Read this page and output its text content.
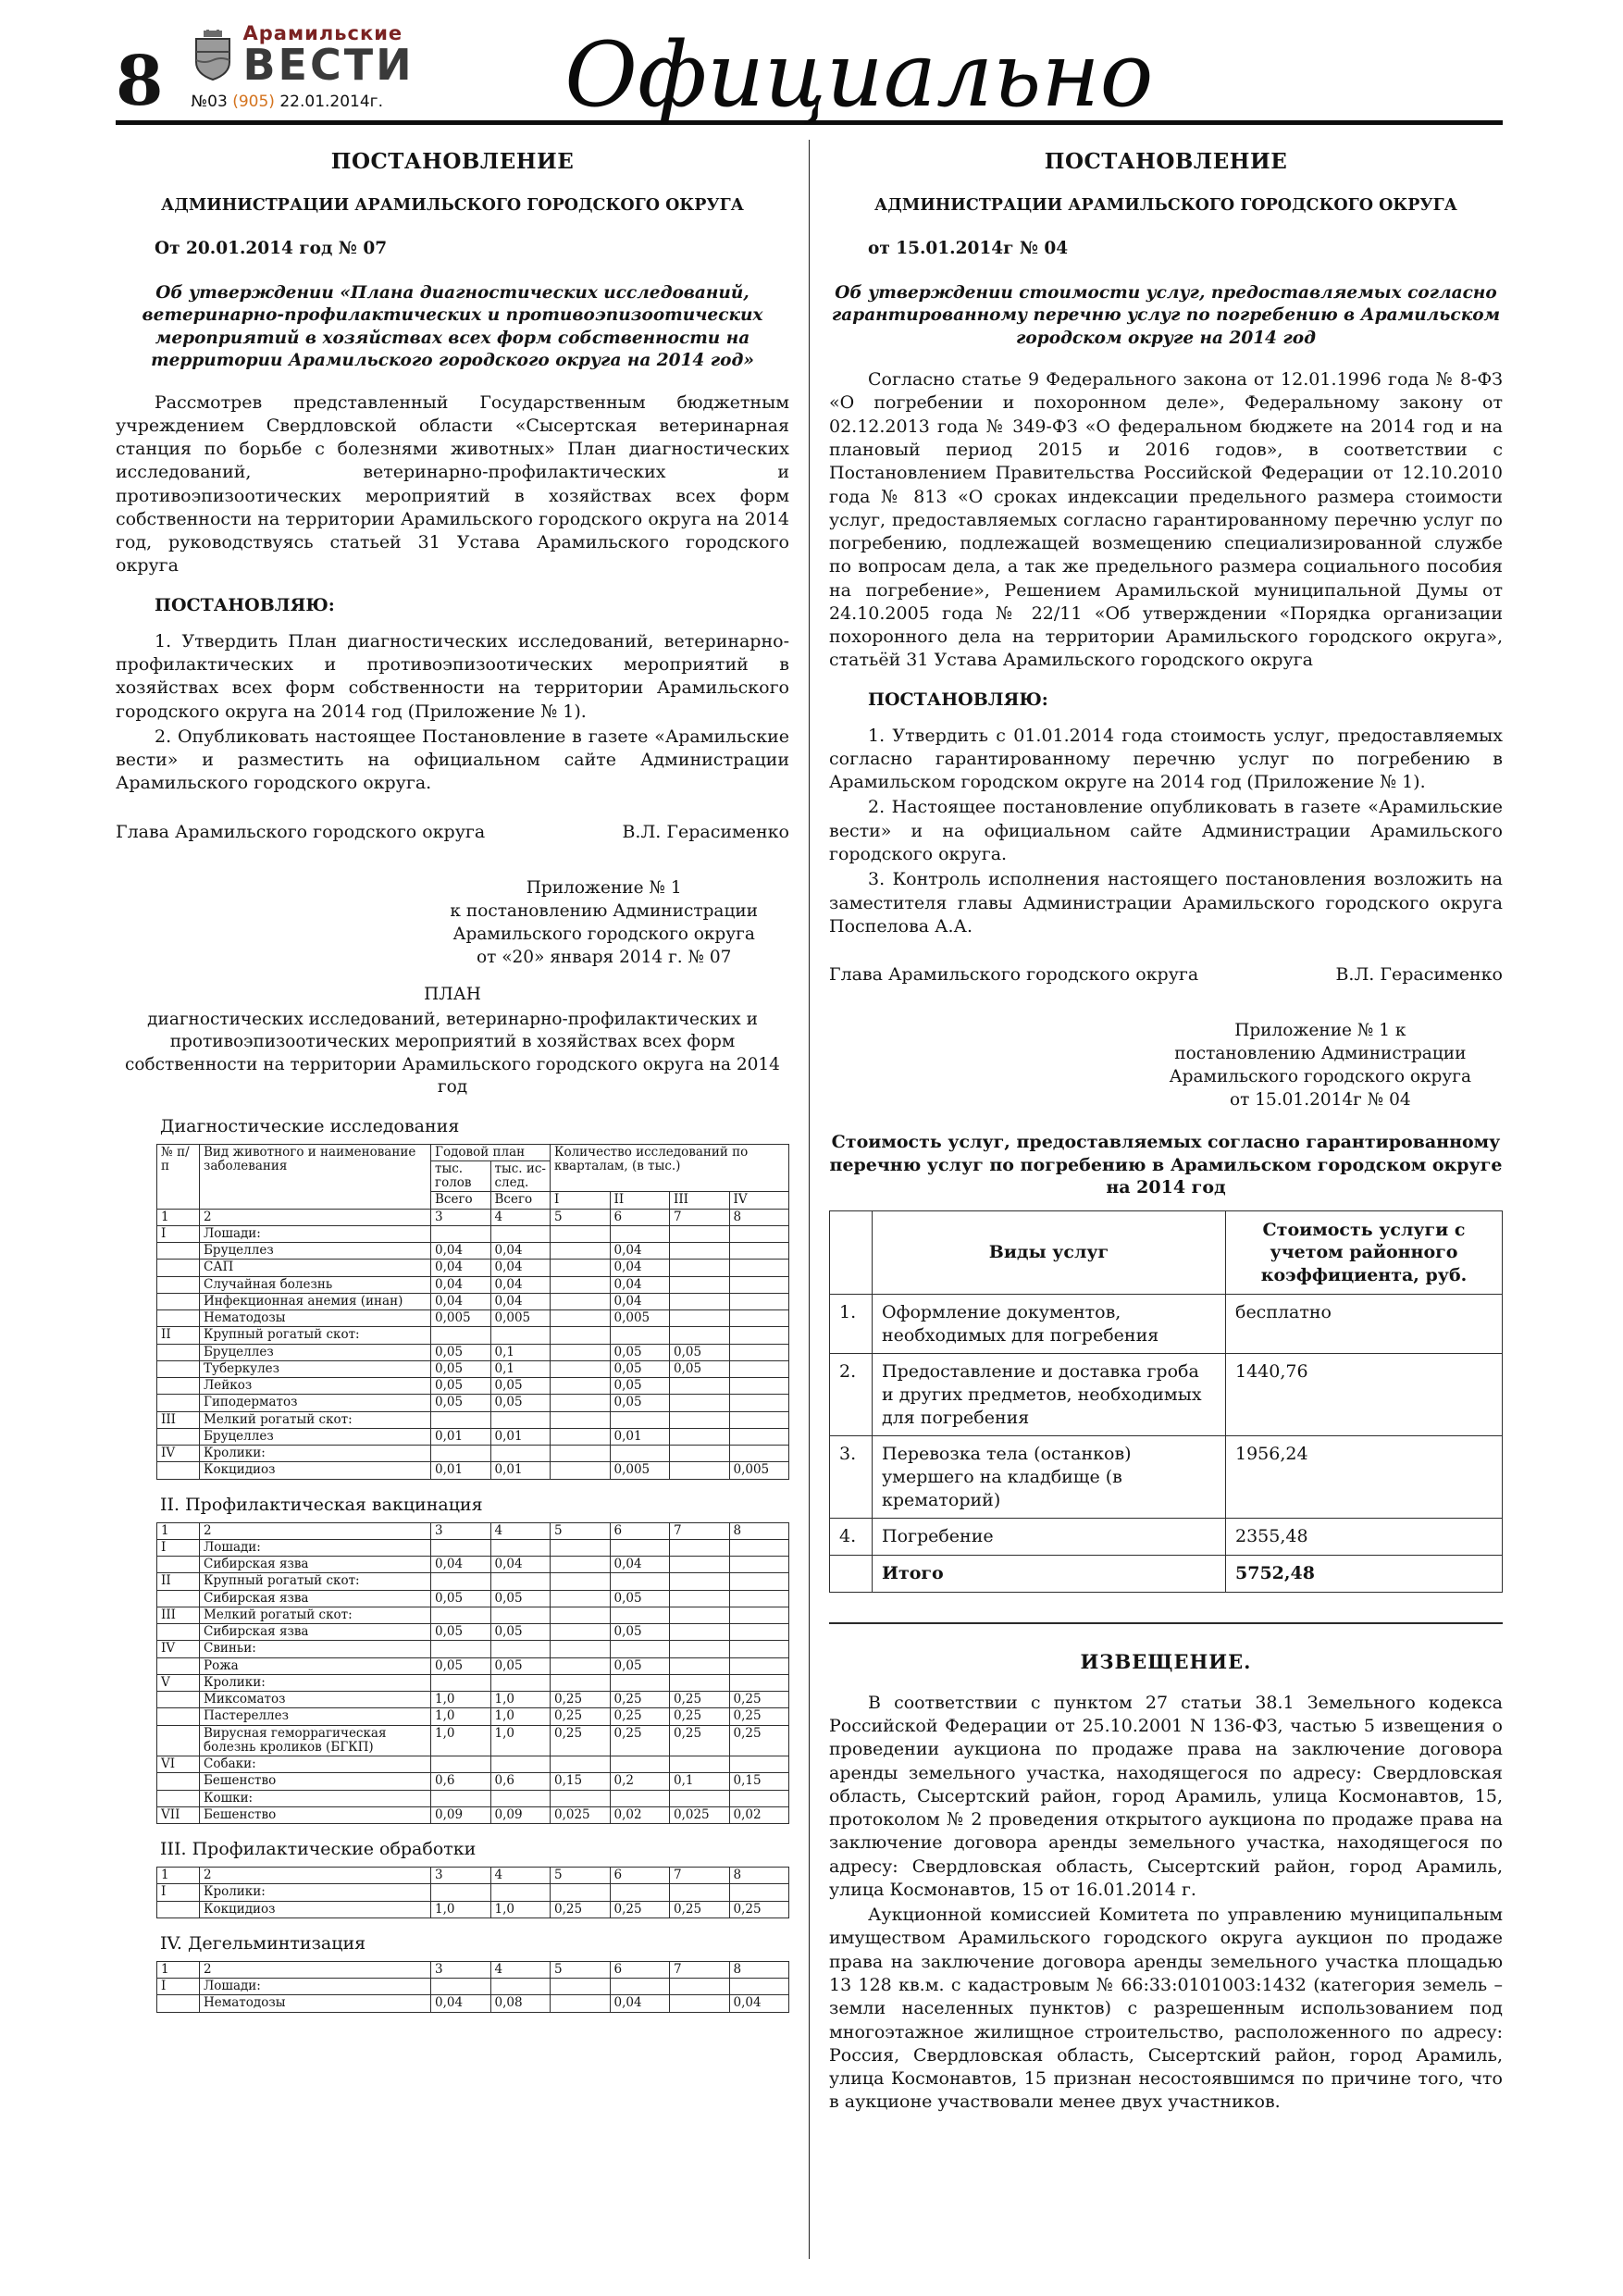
8
Арамильские
ВЕСТИ
№03 (905) 22.01.2014г.	Официально
ПОСТАНОВЛЕНИЕ
АДМИНИСТРАЦИИ АРАМИЛЬСКОГО ГОРОДСКОГО ОКРУГА

От 20.01.2014 год № 07

Об утверждении «Плана диагностических исследований, ветеринарно-профилактических и противоэпизоотических мероприятий в хозяйствах всех форм собственности на территории Арамильского городского округа на 2014 год»

Рассмотрев представленный Государственным бюджетным учреждением Свердловской области «Сысертская ветеринарная станция по борьбе с болезнями животных» План диагностических исследований, ветеринарно-профилактических и противоэпизоотических мероприятий в хозяйствах всех форм собственности на территории Арамильского городского округа на 2014 год, руководствуясь статьей 31 Устава Арамильского городского округа

ПОСТАНОВЛЯЮ:

1. Утвердить План диагностических исследований, ветеринарно-профилактических и противоэпизоотических мероприятий в хозяйствах всех форм собственности на территории Арамильского городского округа на 2014 год (Приложение № 1).

2. Опубликовать настоящее Постановление в газете «Арамильские вести» и разместить на официальном сайте Администрации Арамильского городского округа.

Глава Арамильского городского округа	В.Л. Герасименко
Приложение № 1
к постановлению Администрации
Арамильского городского округа
от «20» января 2014 г. № 07
ПЛАН
диагностических исследований, ветеринарно-профилактических и противоэпизоотических мероприятий в хозяйствах всех форм собственности на территории Арамильского городского округа на 2014 год

Диагностические исследования

№ п/п	Вид животного и наименование заболевания	Годовой план		Количество исследований по кварталам, (в тыс.)			
		тыс. голов	тыс. ис-след.				
		Всего	Всего	I	II	III	IV
1	2	3	4	5	6	7	8
I	Лошади:						
	Бруцеллез	0,04	0,04		0,04		
	САП	0,04	0,04		0,04		
	Случайная болезнь	0,04	0,04		0,04		
	Инфекционная анемия (инан)	0,04	0,04		0,04		
	Нематодозы	0,005	0,005		0,005		
II	Крупный рогатый скот:						
	Бруцеллез	0,05	0,1		0,05	0,05	
	Туберкулез	0,05	0,1		0,05	0,05	
	Лейкоз	0,05	0,05		0,05		
	Гиподерматоз	0,05	0,05		0,05		
III	Мелкий рогатый скот:						
	Бруцеллез	0,01	0,01		0,01		
IV	Кролики:						
	Кокцидиоз	0,01	0,01		0,005		0,005

II. Профилактическая вакцинация

1	2	3	4	5	6	7	8
I	Лошади:						
	Сибирская язва	0,04	0,04		0,04		
II	Крупный рогатый скот:						
	Сибирская язва	0,05	0,05		0,05		
III	Мелкий рогатый скот:						
	Сибирская язва	0,05	0,05		0,05		
IV	Свиньи:						
	Рожа	0,05	0,05		0,05		
V	Кролики:						
	Миксоматоз	1,0	1,0	0,25	0,25	0,25	0,25
	Пастереллез	1,0	1,0	0,25	0,25	0,25	0,25
	Вирусная геморрагическая болезнь кроликов (БГКП)	1,0	1,0	0,25	0,25	0,25	0,25
VI	Собаки:						
	Бешенство	0,6	0,6	0,15	0,2	0,1	0,15
	Кошки:						
VII	Бешенство	0,09	0,09	0,025	0,02	0,025	0,02

III. Профилактические обработки

1	2	3	4	5	6	7	8
I	Кролики:						
	Кокцидиоз	1,0	1,0	0,25	0,25	0,25	0,25

IV. Дегельминтизация

1	2	3	4	5	6	7	8
I	Лошади:						
	Нематодозы	0,04	0,08		0,04		0,04
ПОСТАНОВЛЕНИЕ
АДМИНИСТРАЦИИ АРАМИЛЬСКОГО ГОРОДСКОГО ОКРУГА

от 15.01.2014г № 04

Об утверждении стоимости услуг, предоставляемых согласно гарантированному перечню услуг по погребению в Арамильском городском округе на 2014 год

Согласно статье 9 Федерального закона от 12.01.1996 года № 8-ФЗ «О погребении и похоронном деле», Федеральному закону от 02.12.2013 года № 349-ФЗ «О федеральном бюджете на 2014 год и на плановый период 2015 и 2016 годов», в соответствии с Постановлением Правительства Российской Федерации от 12.10.2010 года № 813 «О сроках индексации предельного размера стоимости услуг, предоставляемых согласно гарантированному перечню услуг по погребению, подлежащей возмещению специализированной службе по вопросам дела, а так же предельного размера социального пособия на погребение», Решением Арамильской муниципальной Думы от 24.10.2005 года № 22/11 «Об утверждении «Порядка организации похоронного дела на территории Арамильского городского округа», статьёй 31 Устава Арамильского городского округа

ПОСТАНОВЛЯЮ:

1. Утвердить с 01.01.2014 года стоимость услуг, предоставляемых согласно гарантированному перечню услуг по погребению в Арамильском городском округе на 2014 год (Приложение № 1).

2. Настоящее постановление опубликовать в газете «Арамильские вести» и на официальном сайте Администрации Арамильского городского округа.

3. Контроль исполнения настоящего постановления возложить на заместителя главы Администрации Арамильского городского округа Поспелова А.А.

Глава Арамильского городского округа	В.Л. Герасименко
Приложение № 1 к
постановлению Администрации
Арамильского городского округа
от 15.01.2014г № 04

Стоимость услуг, предоставляемых согласно гарантированному перечню услуг по погребению в Арамильском городском округе на 2014 год

	Виды услуг	Стоимость услуги с учетом районного коэффициента, руб.
1.	Оформление документов, необходимых для погребения	бесплатно
2.	Предоставление и доставка гроба и других предметов, необходимых для погребения	1440,76
3.	Перевозка тела (останков) умершего на кладбище (в крематорий)	1956,24
4.	Погребение	2355,48
	Итого	5752,48
ИЗВЕЩЕНИЕ.

В соответствии с пунктом 27 статьи 38.1 Земельного кодекса Российской Федерации от 25.10.2001 N 136-ФЗ, частью 5 извещения о проведении аукциона по продаже права на заключение договора аренды земельного участка, находящегося по адресу: Свердловская область, Сысертский район, город Арамиль, улица Космонавтов, 15, протоколом № 2 проведения открытого аукциона по продаже права на заключение договора аренды земельного участка, находящегося по адресу: Свердловская область, Сысертский район, город Арамиль, улица Космонавтов, 15 от 16.01.2014 г.

Аукционной комиссией Комитета по управлению муниципальным имуществом Арамильского городского округа аукцион по продаже права на заключение договора аренды земельного участка площадью 13 128 кв.м. с кадастровым № 66:33:0101003:1432 (категория земель – земли населенных пунктов) с разрешенным использованием под многоэтажное жилищное строительство, расположенного по адресу: Россия, Свердловская область, Сысертский район, город Арамиль, улица Космонавтов, 15 признан несостоявшимся по причине того, что в аукционе участвовали менее двух участников.
